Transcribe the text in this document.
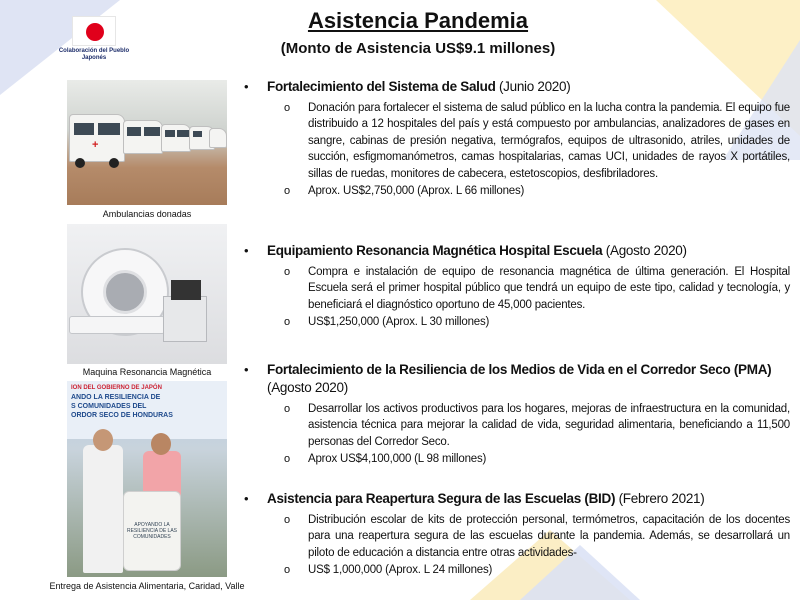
Colaboración del Pueblo Japonés
Asistencia Pandemia
(Monto de Asistencia US$9.1 millones)
+
Ambulancias donadas
Maquina Resonancia Magnética
ION DEL GOBIERNO DE JAPÓN
ANDO LA RESILIENCIA DE
S COMUNIDADES DEL
ORDOR SECO DE HONDURAS
APOYANDO LA RESILIENCIA DE LAS COMUNIDADES
Entrega de Asistencia Alimentaria, Caridad, Valle
• Fortalecimiento del Sistema de Salud (Junio 2020)
o Donación para fortalecer el sistema de salud público en la lucha contra la pandemia. El equipo fue distribuido a 12 hospitales del país y está compuesto por ambulancias, analizadores de gases en sangre, cabinas de presión negativa, termógrafos, equipos de ultrasonido, atriles, unidades de succión, esfigmomanómetros, camas hospitalarias, camas UCI, unidades de rayos X portátiles, sillas de ruedas, monitores de cabecera, estetoscopios, desfibriladores.
o Aprox. US$2,750,000 (Aprox. L 66 millones)
• Equipamiento Resonancia Magnética Hospital Escuela (Agosto 2020)
o Compra e instalación de equipo de resonancia magnética de última generación. El Hospital Escuela será el primer hospital público que tendrá un equipo de este tipo, calidad y tecnología, y beneficiará el diagnóstico oportuno de 45,000 pacientes.
o US$1,250,000 (Aprox. L 30 millones)
• Fortalecimiento de la Resiliencia de los Medios de Vida en el Corredor Seco (PMA) (Agosto 2020)
o Desarrollar los activos productivos para los hogares, mejoras de infraestructura en la comunidad, asistencia técnica para mejorar la calidad de vida, seguridad alimentaria, beneficiando a 11,500 personas del Corredor Seco.
o Aprox US$4,100,000 (L 98 millones)
• Asistencia para Reapertura Segura de las Escuelas (BID) (Febrero 2021)
o Distribución escolar de kits de protección personal, termómetros, capacitación de los docentes para una reapertura segura de las escuelas durante la pandemia. Además, se desarrollará un piloto de educación a distancia entre otras actividades-
o US$ 1,000,000 (Aprox. L 24 millones)
